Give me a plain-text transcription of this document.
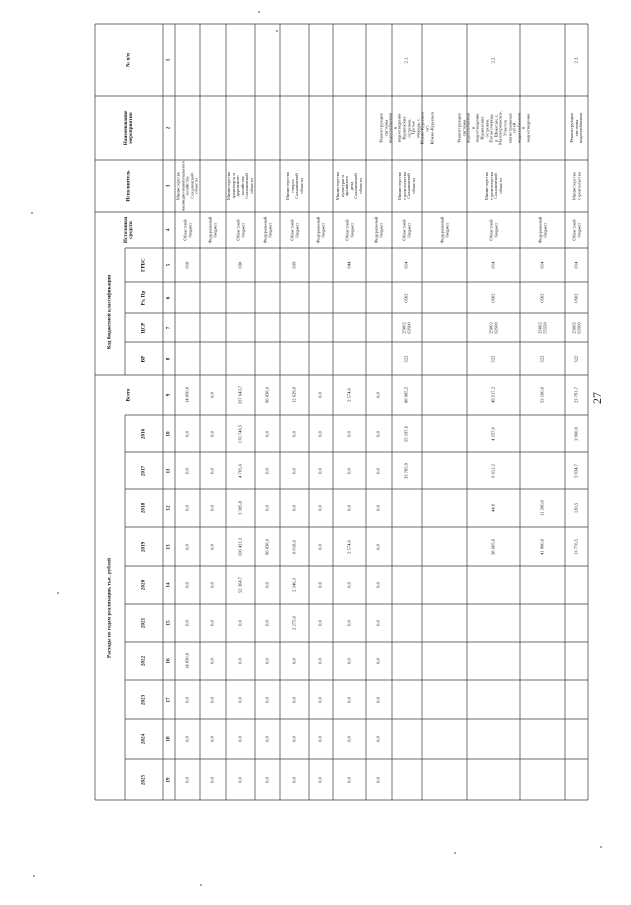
27
№ п/п
Наименование мероприятия
Исполнитель
Источники средств
Код бюджетной классификации
ГРБС
Рз, Пр
ЦСР
ВР
Всего
Расходы по годам реализации, тыс. рублей
2016
2017
2018
2019
2020
2021
2022
2023
2024
2025
1
2
3
4
5
6
7
8
9
10
11
12
13
14
15
16
17
18
19
Министерство жилищно-коммунального хозяйства Сахалинской области
Областной бюджет
018
14 850,0
0,0
0,0
0,0
0,0
0,0
0,0
14 850,0
0,0
0,0
0,0
Федеральный бюджет
0,0
0,0
0,0
0,0
0,0
0,0
0,0
0,0
0,0
0,0
0,0
Министерство транспорта и дорожного хозяйства Сахалинской области
Областной бюджет
038
337 643,7
170 746,5
4 705,6
3 385,8
106 421,3
52 364,7
0,0
0,0
0,0
0,0
0,0
Федеральный бюджет
96 838,6
0,0
0,0
0,0
96 838,6
0,0
0,0
0,0
0,0
0,0
0,0
Министерство спорта Сахалинской области
Областной бюджет
039
12 629,9
0,0
0,0
0,0
8 018,6
2 346,3
2 275,0
0,0
0,0
0,0
0,0
Федеральный бюджет
0,0
0,0
0,0
0,0
0,0
0,0
0,0
0,0
0,0
0,0
0,0
Министерство культуры и архивного дела Сахалинской области
Областной бюджет
044
2 574,0
0,0
0,0
0,0
2 574,0
0,0
0,0
0,0
0,0
0,0
0,0
Федеральный бюджет
0,0
0,0
0,0
0,0
0,0
0,0
0,0
0,0
0,0
0,0
0,0
2.1.
Реконструкция системы водоснабжения и водоотведения Курильских островов. Третья очередь. с. Южно-Курильск пгт. Южно-Курильск
Министерство строительства Сахалинской области
Областной бюджет
014
0502
25002 63500
522
88 985,5
55 197,6
33 785,9
Федеральный бюджет
2.2.
Реконструкция системы водоснабжения и водоотведения Курильских островов. Пятая очередь. п. Шикотан, с. Малокурильское. Участок магистральных сетей водоснабжения и водоотведения
Министерство строительства Сахалинской области
Областной бюджет
014
0502
25002 63500
522
49 517,2
4 257,0
6 611,2
44,0
38 605,0
Федеральный бюджет
014
0502
25002 55550
522
53 100,0
11 200,0
41 900,0
2.3.
Реконструкция системы водоснабжения
Министерство строительства
Областной бюджет
014
0502
25002 63500
522
23 791,7
3 960,0
5 934,7
120,5
13 776,5
